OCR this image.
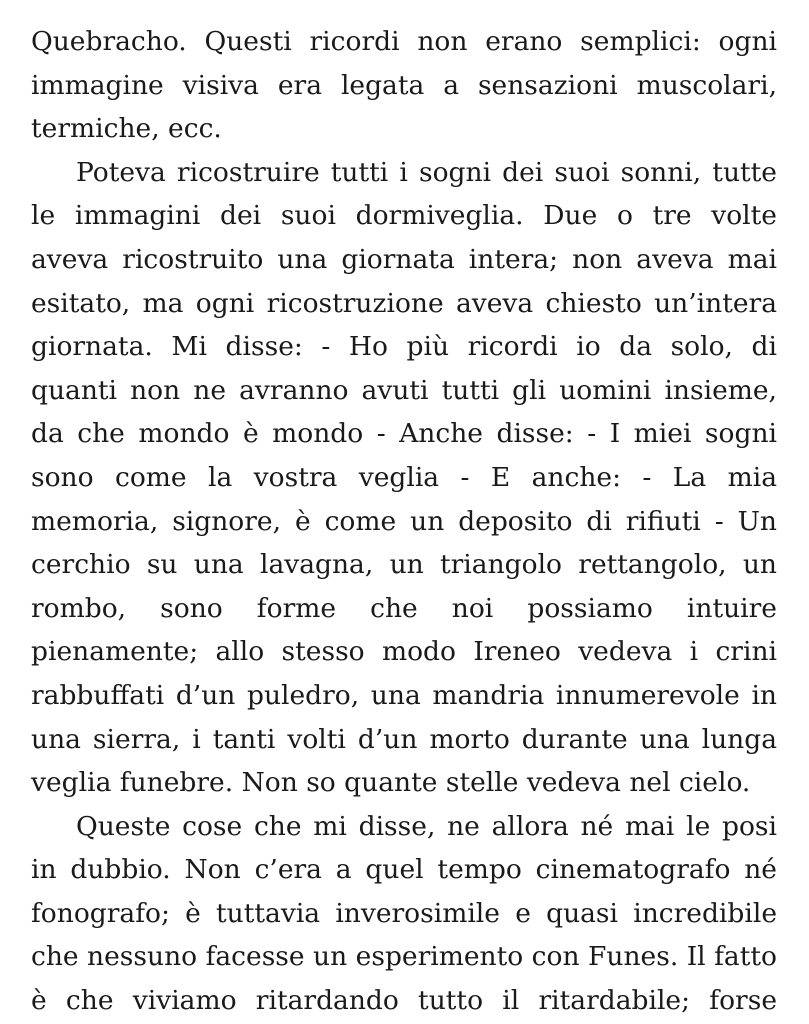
Quebracho. Questi ricordi non erano semplici: ogni
immagine visiva era legata a sensazioni muscolari,
termiche, ecc.
Poteva ricostruire tutti i sogni dei suoi sonni, tutte
le immagini dei suoi dormiveglia. Due o tre volte
aveva ricostruito una giornata intera; non aveva mai
esitato, ma ogni ricostruzione aveva chiesto un’intera
giornata. Mi disse: - Ho più ricordi io da solo, di
quanti non ne avranno avuti tutti gli uomini insieme,
da che mondo è mondo - Anche disse: - I miei sogni
sono come la vostra veglia - E anche: - La mia
memoria, signore, è come un deposito di rifiuti - Un
cerchio su una lavagna, un triangolo rettangolo, un
rombo, sono forme che noi possiamo intuire
pienamente; allo stesso modo Ireneo vedeva i crini
rabbuffati d’un puledro, una mandria innumerevole in
una sierra, i tanti volti d’un morto durante una lunga
veglia funebre. Non so quante stelle vedeva nel cielo.
Queste cose che mi disse, ne allora né mai le posi
in dubbio. Non c’era a quel tempo cinematografo né
fonografo; è tuttavia inverosimile e quasi incredibile
che nessuno facesse un esperimento con Funes. Il fatto
è che viviamo ritardando tutto il ritardabile; forse
